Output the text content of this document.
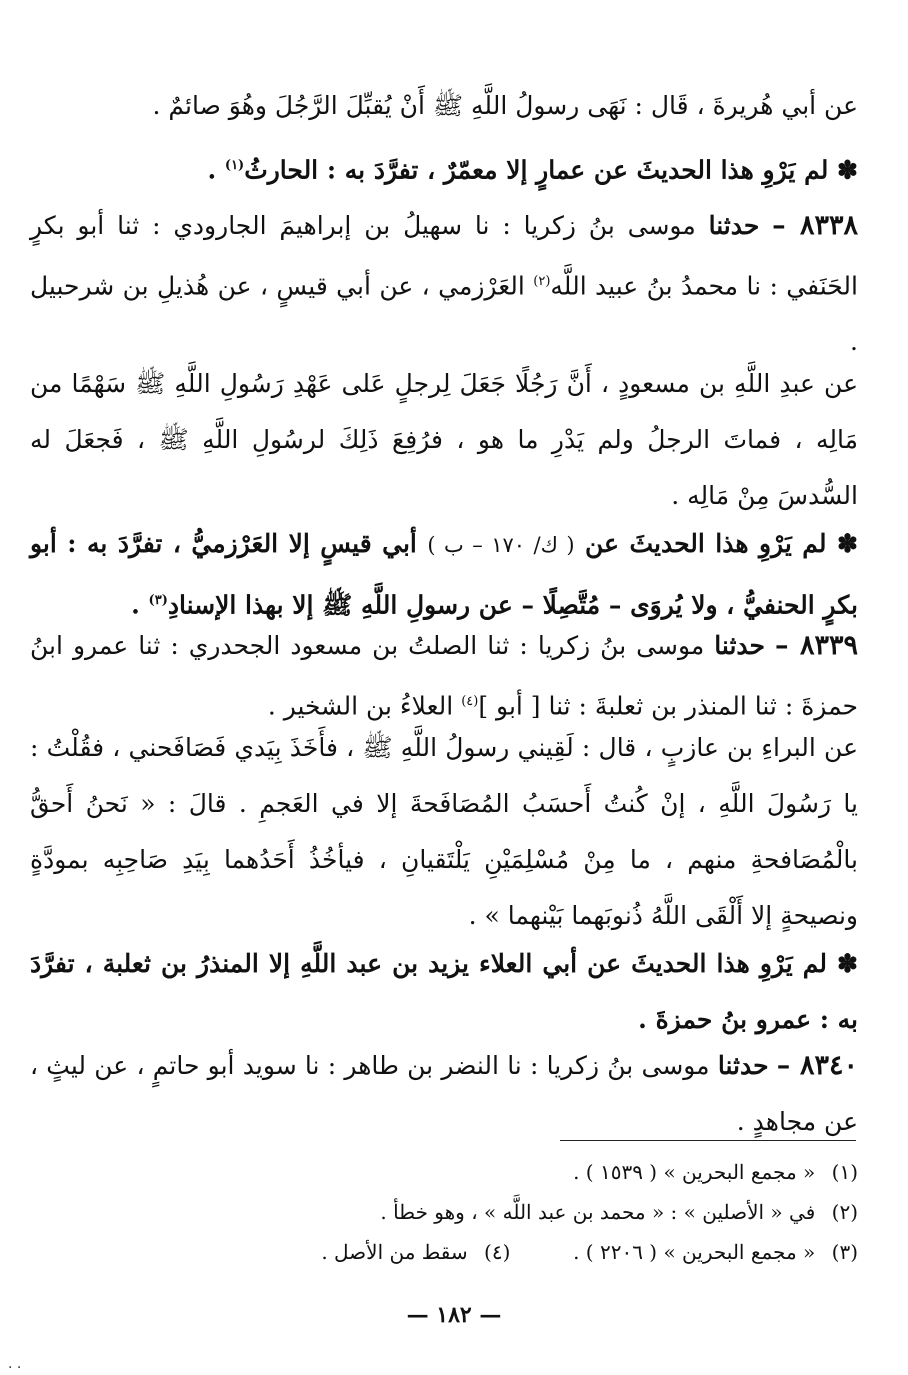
عن أبي هُريرةَ ، قَال : نَهَى رسولُ اللَّهِ ﷺ أَنْ يُقبِّلَ الرَّجُلَ وهُوَ صائمٌ .
✽ لم يَرْوِ هذا الحديثَ عن عمارٍ إلا معمّرٌ ، تفرَّدَ به : الحارثُ$^{(١)}$ .
٨٣٣٨ – حدثنا موسى بنُ زكريا : نا سهيلُ بن إبراهيمَ الجارودي : ثنا أبو بكرٍ الحَنَفي : نا محمدُ بنُ عبيد اللَّه$^{(٢)}$ العَرْزمي ، عن أبي قيسٍ ، عن هُذيلِ بن شرحبيل .
عن عبدِ اللَّهِ بن مسعودٍ ، أَنَّ رَجُلًا جَعَلَ لِرجلٍ عَلى عَهْدِ رَسُولِ اللَّهِ ﷺ سَهْمًا من مَالِه ، فماتَ الرجلُ ولم يَدْرِ ما هو ، فرُفِعَ ذَلِكَ لرسُولِ اللَّهِ ﷺ ، فَجعَلَ له السُّدسَ مِنْ مَالِه .
✽ لم يَرْوِ هذا الحديثَ عن ( ك/ ١٧٠ – ب ) أبي قيسٍ إلا العَرْزميُّ ، تفرَّدَ به : أبو بكرٍ الحنفيُّ ، ولا يُروَى – مُتَّصِلًا – عن رسولِ اللَّهِ ﷺ إلا بهذا الإسنادِ$^{(٣)}$ .
٨٣٣٩ – حدثنا موسى بنُ زكريا : ثنا الصلتُ بن مسعود الجحدري : ثنا عمرو ابنُ حمزةَ : ثنا المنذر بن ثعلبةَ : ثنا [ أبو ]$^{(٤)}$ العلاءُ بن الشخير .
عن البراءِ بن عازبٍ ، قال : لَقِيني رسولُ اللَّهِ ﷺ ، فأَخَذَ بِيَدي فَصَافَحني ، فقُلْتُ : يا رَسُولَ اللَّهِ ، إنْ كُنتُ أَحسَبُ المُصَافَحةَ إلا في العَجمِ . قالَ : « نَحنُ أَحقُّ بالْمُصَافحةِ منهم ، ما مِنْ مُسْلِمَيْنِ يَلْتَقيانِ ، فيأخُذُ أَحَدُهما بِيَدِ صَاحِبِه بمودَّةٍ ونصيحةٍ إلا أَلْقَى اللَّهُ ذُنوبَهما بَيْنهما » .
✽ لم يَرْوِ هذا الحديثَ عن أبي العلاء يزيد بن عبد اللَّهِ إلا المنذرُ بن ثعلبة ، تفرَّدَ به : عمرو بنُ حمزةَ .
٨٣٤٠ – حدثنا موسى بنُ زكريا : نا النضر بن طاهر : نا سويد أبو حاتمٍ ، عن ليثٍ ، عن مجاهدٍ .
(١) « مجمع البحرين » ( ١٥٣٩ ) .
(٢) في « الأصلين » : « محمد بن عبد اللَّه » ، وهو خطأ .
(٣) « مجمع البحرين » ( ٢٢٠٦ ) .  (٤) سقط من الأصل .
— ١٨٢ —
. .
